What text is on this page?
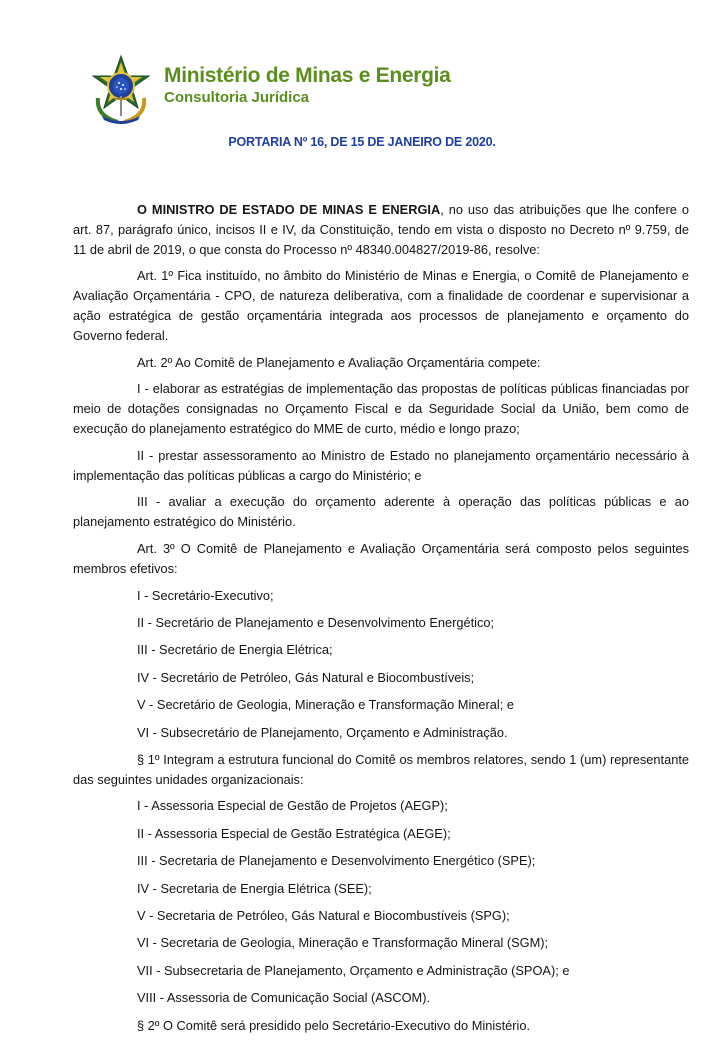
Ministério de Minas e Energia
Consultoria Jurídica
PORTARIA Nº 16, DE 15 DE JANEIRO DE 2020.

O MINISTRO DE ESTADO DE MINAS E ENERGIA, no uso das atribuições que lhe confere o art. 87, parágrafo único, incisos II e IV, da Constituição, tendo em vista o disposto no Decreto nº 9.759, de 11 de abril de 2019, o que consta do Processo nº 48340.004827/2019-86, resolve:

Art. 1º Fica instituído, no âmbito do Ministério de Minas e Energia, o Comitê de Planejamento e Avaliação Orçamentária - CPO, de natureza deliberativa, com a finalidade de coordenar e supervisionar a ação estratégica de gestão orçamentária integrada aos processos de planejamento e orçamento do Governo federal.

Art. 2º Ao Comitê de Planejamento e Avaliação Orçamentária compete:

I - elaborar as estratégias de implementação das propostas de políticas públicas financiadas por meio de dotações consignadas no Orçamento Fiscal e da Seguridade Social da União, bem como de execução do planejamento estratégico do MME de curto, médio e longo prazo;

II - prestar assessoramento ao Ministro de Estado no planejamento orçamentário necessário à implementação das políticas públicas a cargo do Ministério; e

III - avaliar a execução do orçamento aderente à operação das políticas públicas e ao planejamento estratégico do Ministério.

Art. 3º O Comitê de Planejamento e Avaliação Orçamentária será composto pelos seguintes membros efetivos:

I - Secretário-Executivo;

II - Secretário de Planejamento e Desenvolvimento Energético;

III - Secretário de Energia Elétrica;

IV - Secretário de Petróleo, Gás Natural e Biocombustíveis;

V - Secretário de Geologia, Mineração e Transformação Mineral; e

VI - Subsecretário de Planejamento, Orçamento e Administração.

§ 1º Integram a estrutura funcional do Comitê os membros relatores, sendo 1 (um) representante das seguintes unidades organizacionais:

I - Assessoria Especial de Gestão de Projetos (AEGP);

II - Assessoria Especial de Gestão Estratégica (AEGE);

III - Secretaria de Planejamento e Desenvolvimento Energético (SPE);

IV - Secretaria de Energia Elétrica (SEE);

V - Secretaria de Petróleo, Gás Natural e Biocombustíveis (SPG);

VI - Secretaria de Geologia, Mineração e Transformação Mineral (SGM);

VII - Subsecretaria de Planejamento, Orçamento e Administração (SPOA); e

VIII - Assessoria de Comunicação Social (ASCOM).

§ 2º O Comitê será presidido pelo Secretário-Executivo do Ministério.
